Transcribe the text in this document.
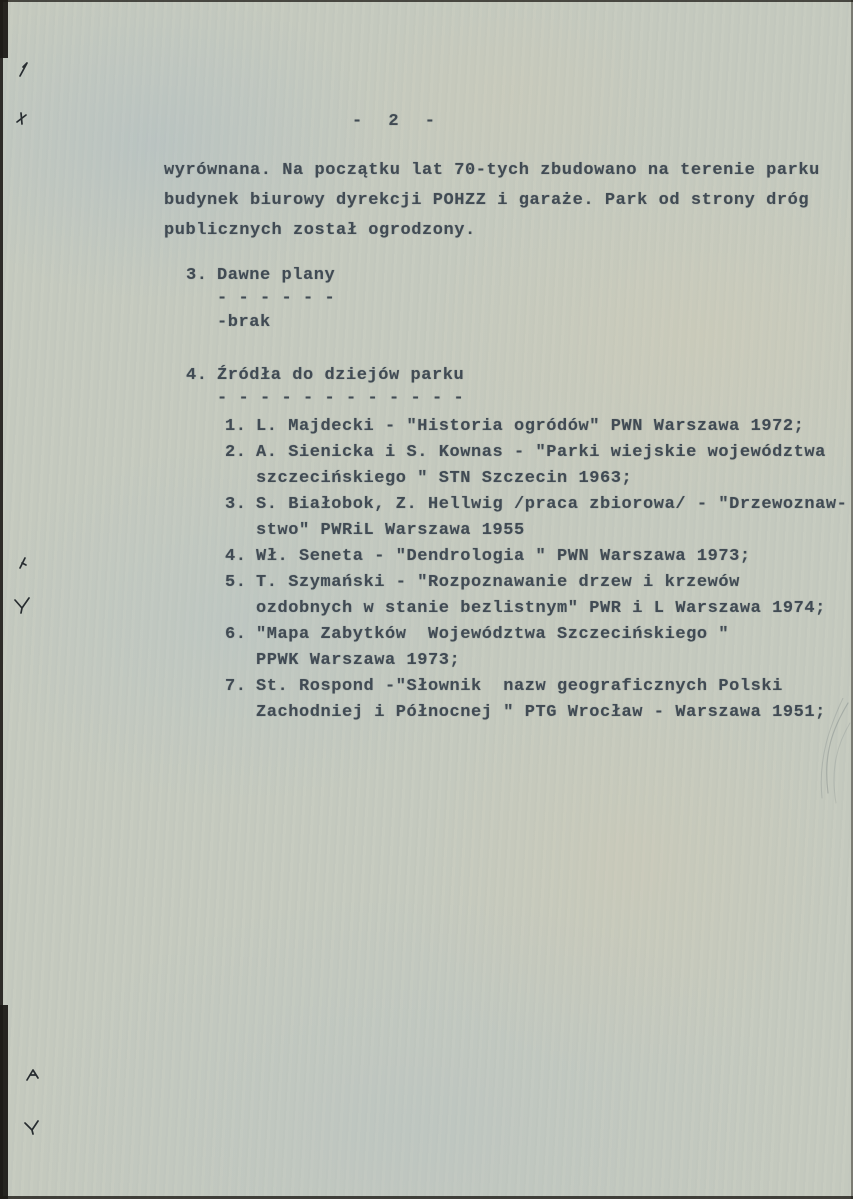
- 2 -
wyrównana. Na początku lat 70-tych zbudowano na terenie parku
budynek biurowy dyrekcji POHZZ i garaże. Park od strony dróg
publicznych został ogrodzony.
3. Dawne plany
- - - - - -
-brak
4. Źródła do dziejów parku
- - - - - - - - - - - -
1. L. Majdecki - "Historia ogródów" PWN Warszawa 1972;
2. A. Sienicka i S. Kownas - "Parki wiejskie województwa
szczecińskiego " STN Szczecin 1963;
3. S. Białobok, Z. Hellwig /praca zbiorowa/ - "Drzewoznaw-
stwo" PWRiL Warszawa 1955
4. Wł. Seneta - "Dendrologia " PWN Warszawa 1973;
5. T. Szymański - "Rozpoznawanie drzew i krzewów
ozdobnych w stanie bezlistnym" PWR i L Warszawa 1974;
6. "Mapa Zabytków  Województwa Szczecińskiego "
PPWK Warszawa 1973;
7. St. Rospond -"Słownik  nazw geograficznych Polski
Zachodniej i Północnej " PTG Wrocław - Warszawa 1951;
